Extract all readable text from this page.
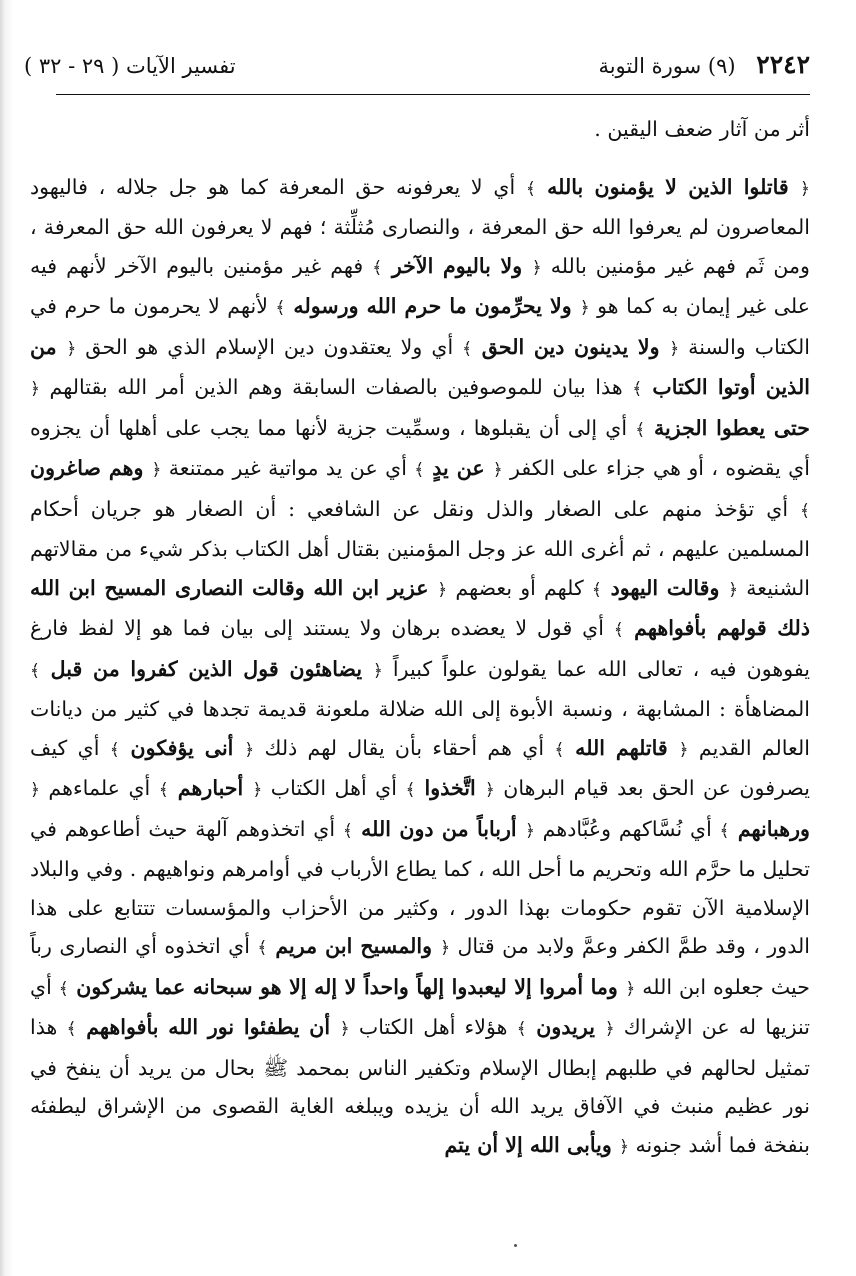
٢٢٤٢ (٩) سورة التوبة
تفسير الآيات ( ٢٩ - ٣٢ )

أثر من آثار ضعف اليقين .

﴿ قاتلوا الذين لا يؤمنون بالله ﴾ أي لا يعرفونه حق المعرفة كما هو جل جلاله ، فاليهود المعاصرون لم يعرفوا الله حق المعرفة ، والنصارى مُثلِّثة ؛ فهم لا يعرفون الله حق المعرفة ، ومن ثَم فهم غير مؤمنين بالله ﴿ ولا باليوم الآخر ﴾ فهم غير مؤمنين باليوم الآخر لأنهم فيه على غير إيمان به كما هو ﴿ ولا يحرِّمون ما حرم الله ورسوله ﴾ لأنهم لا يحرمون ما حرم في الكتاب والسنة ﴿ ولا يدينون دين الحق ﴾ أي ولا يعتقدون دين الإسلام الذي هو الحق ﴿ من الذين أوتوا الكتاب ﴾ هذا بيان للموصوفين بالصفات السابقة وهم الذين أمر الله بقتالهم ﴿ حتى يعطوا الجزية ﴾ أي إلى أن يقبلوها ، وسمِّيت جزية لأنها مما يجب على أهلها أن يجزوه أي يقضوه ، أو هي جزاء على الكفر ﴿ عن يدٍ ﴾ أي عن يد مواتية غير ممتنعة ﴿ وهم صاغرون ﴾ أي تؤخذ منهم على الصغار والذل ونقل عن الشافعي : أن الصغار هو جريان أحكام المسلمين عليهم ، ثم أغرى الله عز وجل المؤمنين بقتال أهل الكتاب بذكر شيء من مقالاتهم الشنيعة ﴿ وقالت اليهود ﴾ كلهم أو بعضهم ﴿ عزير ابن الله وقالت النصارى المسيح ابن الله ذلك قولهم بأفواههم ﴾ أي قول لا يعضده برهان ولا يستند إلى بيان فما هو إلا لفظ فارغ يفوهون فيه ، تعالى الله عما يقولون علواً كبيراً ﴿ يضاهئون قول الذين كفروا من قبل ﴾ المضاهأة : المشابهة ، ونسبة الأبوة إلى الله ضلالة ملعونة قديمة تجدها في كثير من ديانات العالم القديم ﴿ قاتلهم الله ﴾ أي هم أحقاء بأن يقال لهم ذلك ﴿ أنى يؤفكون ﴾ أي كيف يصرفون عن الحق بعد قيام البرهان ﴿ اتَّخذوا ﴾ أي أهل الكتاب ﴿ أحبارهم ﴾ أي علماءهم ﴿ ورهبانهم ﴾ أي نُسَّاكهم وعُبَّادهم ﴿ أرباباً من دون الله ﴾ أي اتخذوهم آلهة حيث أطاعوهم في تحليل ما حرَّم الله وتحريم ما أحل الله ، كما يطاع الأرباب في أوامرهم ونواهيهم . وفي والبلاد الإسلامية الآن تقوم حكومات بهذا الدور ، وكثير من الأحزاب والمؤسسات تتتابع على هذا الدور ، وقد طمَّ الكفر وعمَّ ولابد من قتال ﴿ والمسيح ابن مريم ﴾ أي اتخذوه أي النصارى رباً حيث جعلوه ابن الله ﴿ وما أمروا إلا ليعبدوا إلهاً واحداً لا إله إلا هو سبحانه عما يشركون ﴾ أي تنزيها له عن الإشراك ﴿ يريدون ﴾ هؤلاء أهل الكتاب ﴿ أن يطفئوا نور الله بأفواههم ﴾ هذا تمثيل لحالهم في طلبهم إبطال الإسلام وتكفير الناس بمحمد ﷺ بحال من يريد أن ينفخ في نور عظيم منبث في الآفاق يريد الله أن يزيده ويبلغه الغاية القصوى من الإشراق ليطفئه بنفخة فما أشد جنونه ﴿ ويأبى الله إلا أن يتم
